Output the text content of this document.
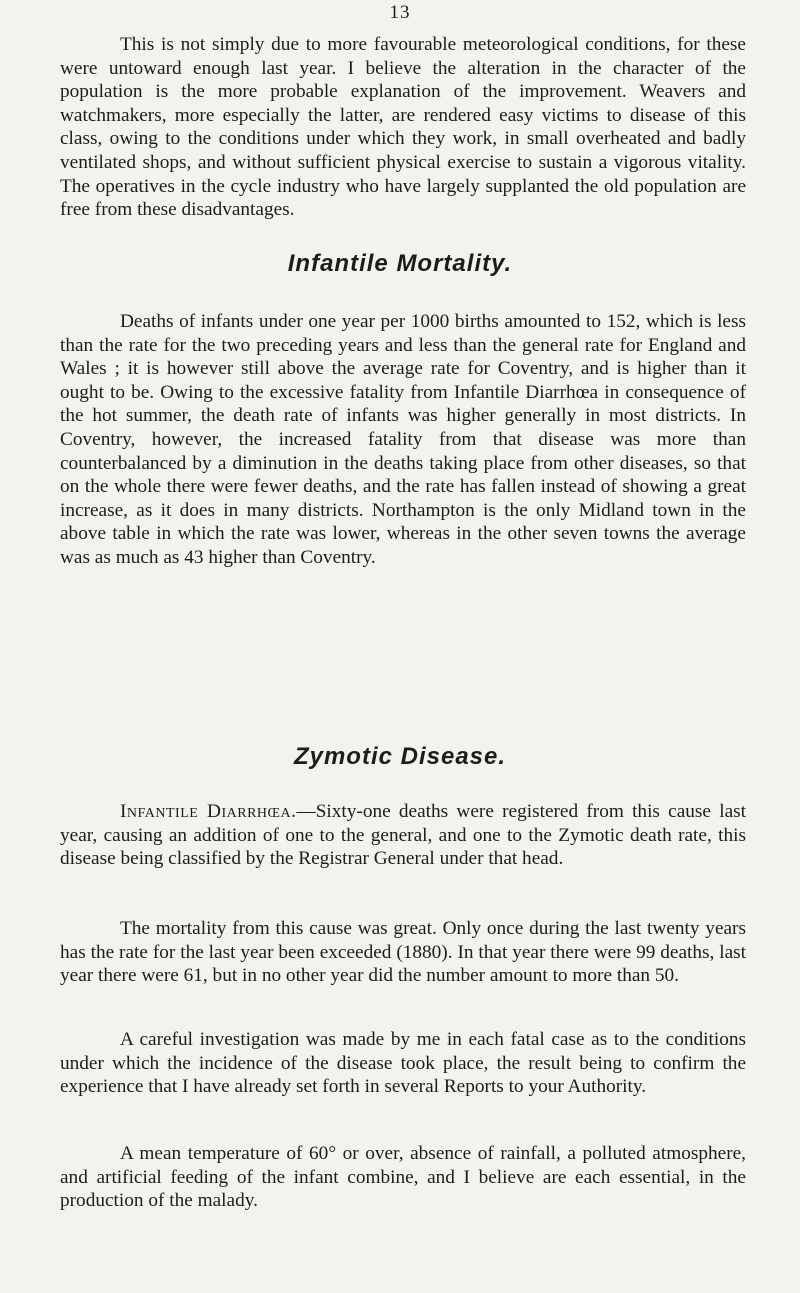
13

This is not simply due to more favourable meteorological conditions, for these were untoward enough last year. I believe the alteration in the character of the population is the more probable explanation of the improvement. Weavers and watchmakers, more especially the latter, are rendered easy victims to disease of this class, owing to the conditions under which they work, in small overheated and badly ventilated shops, and without sufficient physical exercise to sustain a vigorous vitality. The operatives in the cycle industry who have largely supplanted the old population are free from these disadvantages.

Infantile Mortality.

Deaths of infants under one year per 1000 births amounted to 152, which is less than the rate for the two preceding years and less than the general rate for England and Wales ; it is however still above the average rate for Coventry, and is higher than it ought to be. Owing to the excessive fatality from Infantile Diarrhœa in consequence of the hot summer, the death rate of infants was higher generally in most districts. In Coventry, however, the increased fatality from that disease was more than counterbalanced by a diminution in the deaths taking place from other diseases, so that on the whole there were fewer deaths, and the rate has fallen instead of showing a great increase, as it does in many districts. Northampton is the only Midland town in the above table in which the rate was lower, whereas in the other seven towns the average was as much as 43 higher than Coventry.

Zymotic Disease.

Infantile Diarrhœa.—Sixty-one deaths were registered from this cause last year, causing an addition of one to the general, and one to the Zymotic death rate, this disease being classified by the Registrar General under that head.

The mortality from this cause was great. Only once during the last twenty years has the rate for the last year been exceeded (1880). In that year there were 99 deaths, last year there were 61, but in no other year did the number amount to more than 50.

A careful investigation was made by me in each fatal case as to the conditions under which the incidence of the disease took place, the result being to confirm the experience that I have already set forth in several Reports to your Authority.

A mean temperature of 60° or over, absence of rainfall, a polluted atmosphere, and artificial feeding of the infant combine, and I believe are each essential, in the production of the malady.
